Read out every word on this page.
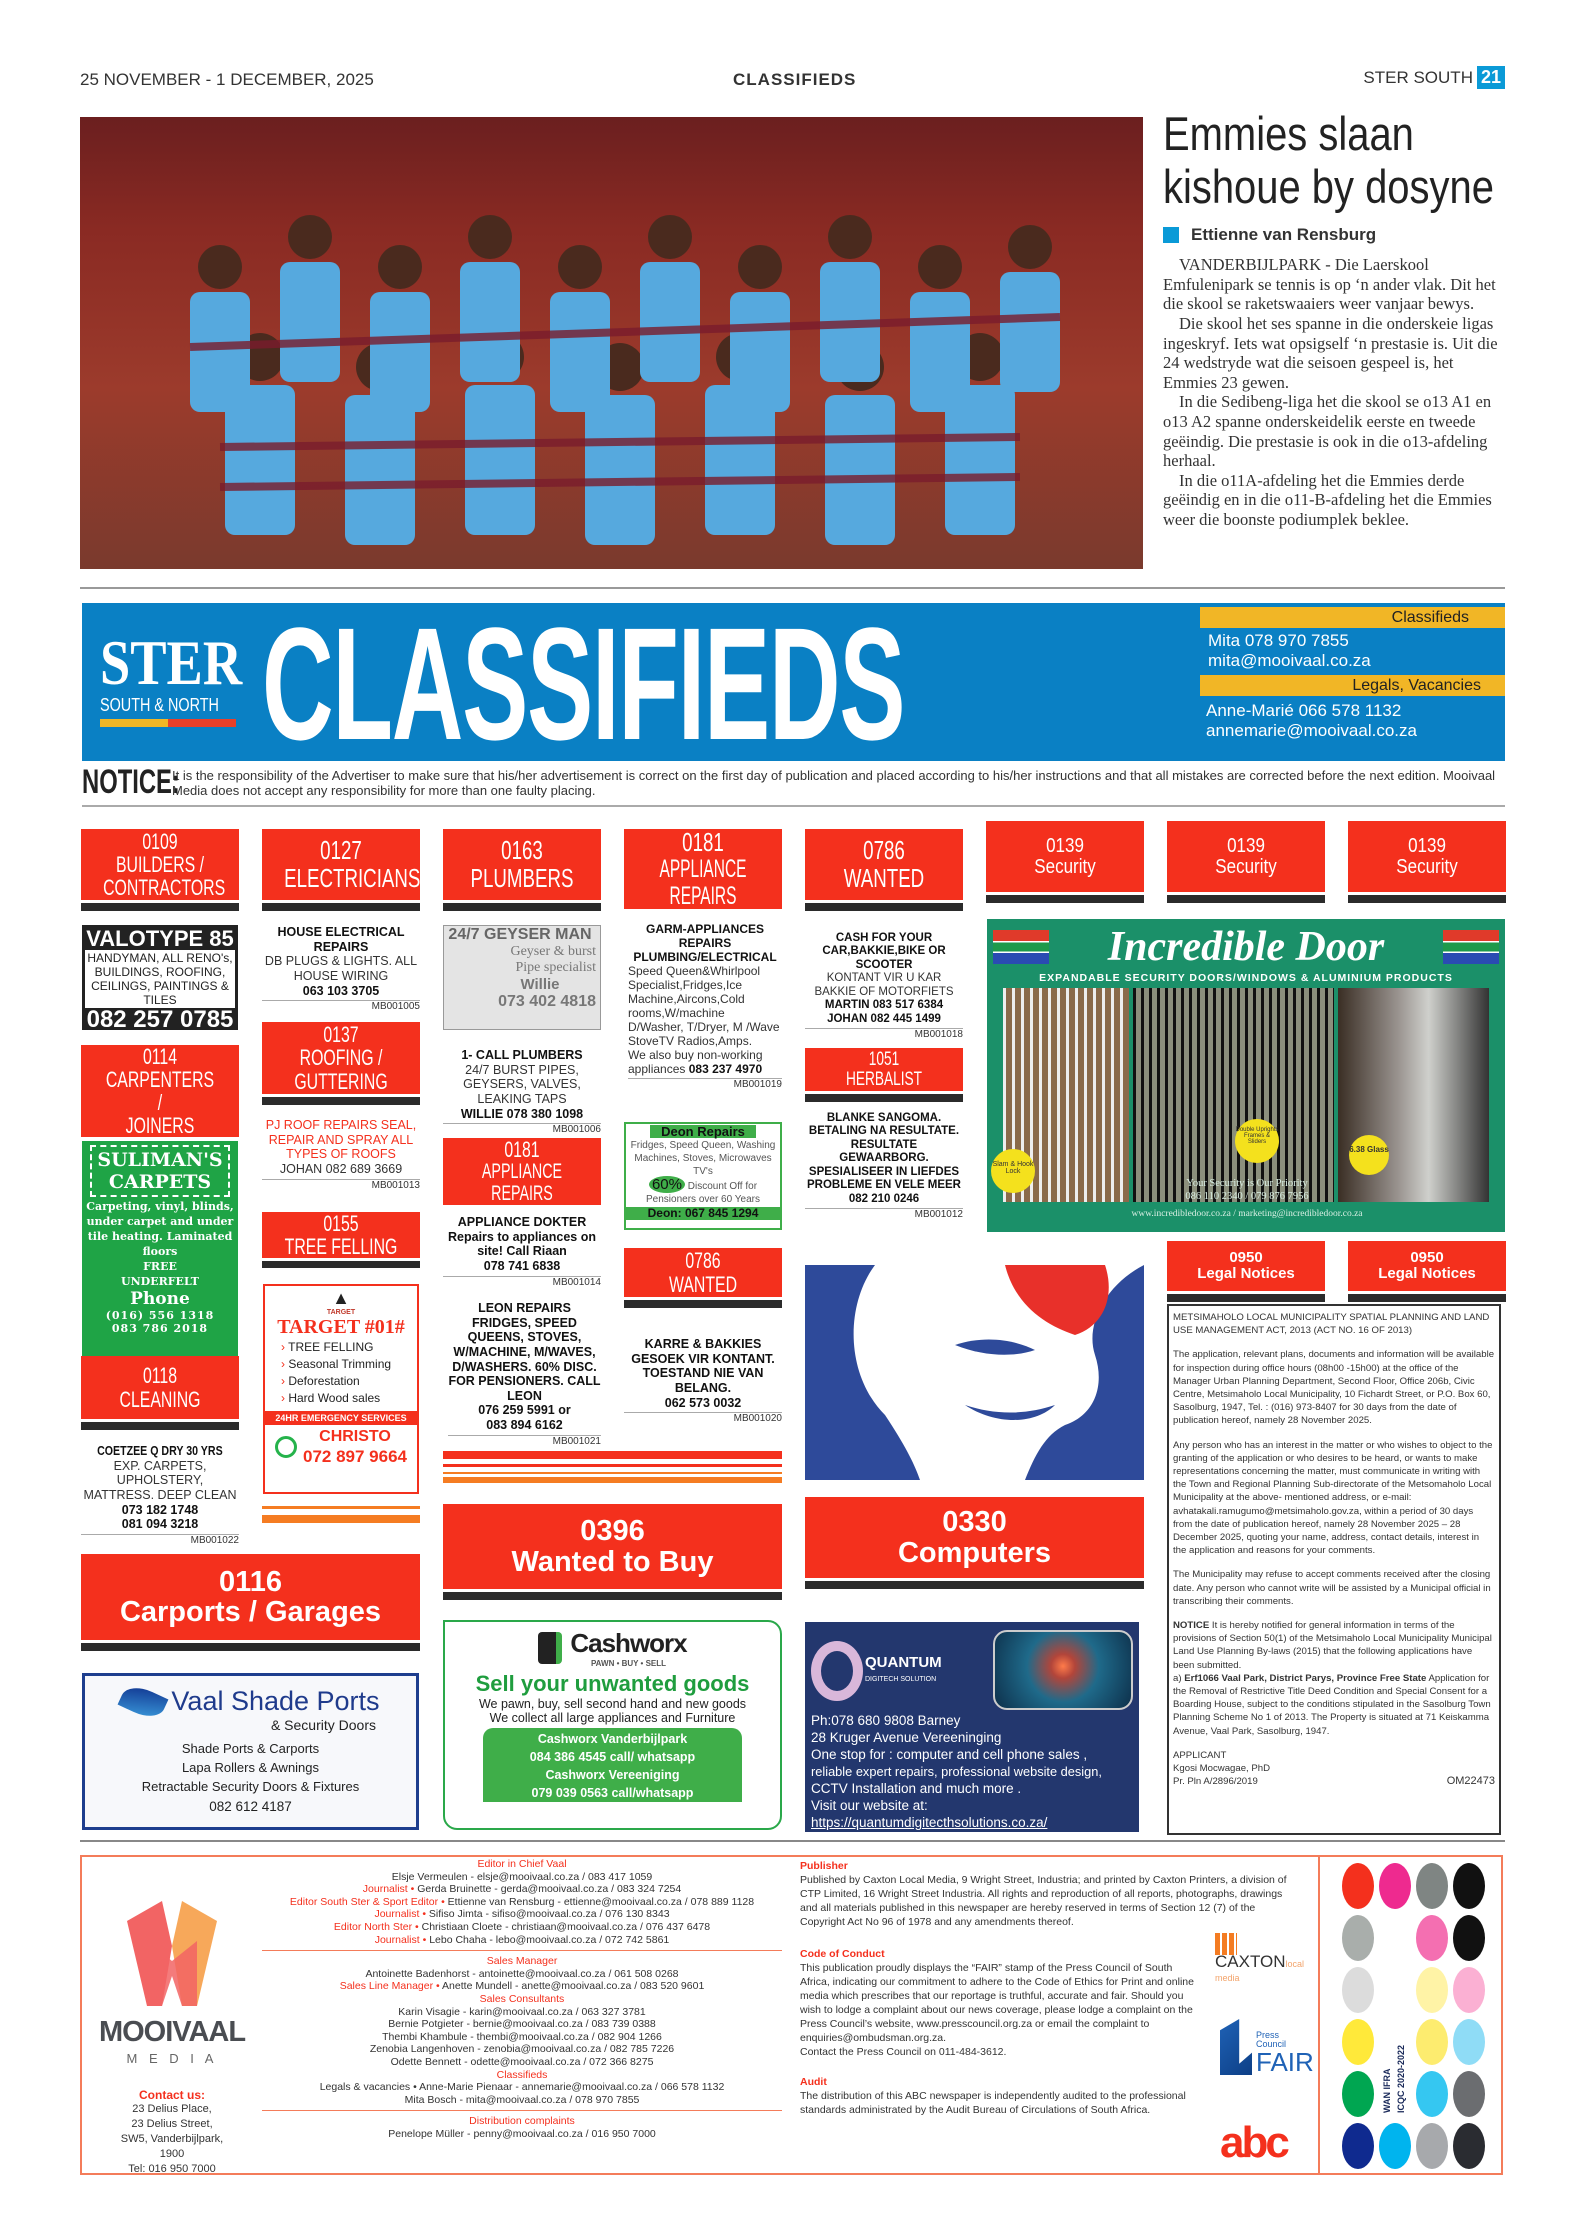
25 NOVEMBER - 1 DECEMBER, 2025	CLASSIFIEDS	STER SOUTH 21
Emmies slaan
kishoue by dosyne
Ettienne van Rensburg

VANDERBIJLPARK - Die Laerskool Emfulenipark se tennis is op ‘n ander vlak. Dit het die skool se raketswaaiers weer vanjaar bewys.

Die skool het ses spanne in die onderskeie ligas ingeskryf. Iets wat opsigself ‘n prestasie is. Uit die 24 wedstryde wat die seisoen gespeel is, het Emmies 23 gewen.

In die Sedibeng-liga het die skool se o13 A1 en o13 A2 spanne onderskeidelik eerste en tweede geëindig. Die prestasie is ook in die o13-afdeling herhaal.

In die o11A-afdeling het die Emmies derde geëindig en in die o11-B-afdeling het die Emmies weer die boonste podiumplek beklee.

STER
SOUTH & NORTH CLASSIFIEDS	Classifieds
Mita 078 970 7855
mita@mooivaal.co.za
Legals, Vacancies
Anne-Marié 066 578 1132
annemarie@mooivaal.co.za
NOTICE:
It is the responsibility of the Advertiser to make sure that his/her advertisement is correct on the first day of publication and placed according to his/her instructions and that all mistakes are corrected before the next edition. Mooivaal Media does not accept any responsibility for more than one faulty placing.
0109
BUILDERS /
CONTRACTORS
0127
ELECTRICIANS
0163
PLUMBERS
0181
APPLIANCE REPAIRS
0786
WANTED
0139
Security
0139
Security
0139
Security
VALOTYPE 85
HANDYMAN, ALL RENO's, BUILDINGS, ROOFING, CEILINGS, PAINTINGS & TILES
082 257 0785
0114
CARPENTERS /
JOINERS
SULIMAN'S
CARPETS
Carpeting, vinyl, blinds, under carpet and under tile heating. Laminated floors
FREE UNDERFELT
Phone
(016) 556 1318
083 786 2018
0118
CLEANING
COETZEE Q DRY 30 YRS
EXP. CARPETS, UPHOLSTERY, MATTRESS. DEEP CLEAN
073 182 1748
081 094 3218
MB001022
HOUSE ELECTRICAL REPAIRS
DB PLUGS & LIGHTS. ALL HOUSE WIRING
063 103 3705
MB001005
0137
ROOFING /
GUTTERING
PJ ROOF REPAIRS SEAL, REPAIR AND SPRAY ALL TYPES OF ROOFS
JOHAN 082 689 3669
MB001013
0155
TREE FELLING
▲
TARGET
TARGET #01#
› TREE FELLING
› Seasonal Trimming
› Deforestation
› Hard Wood sales
24HR EMERGENCY SERVICES
CHRISTO
072 897 9664
24/7 GEYSER MAN
Geyser & burst
Pipe specialist
Willie
073 402 4818
1- CALL PLUMBERS
24/7 BURST PIPES, GEYSERS, VALVES, LEAKING TAPS
WILLIE 078 380 1098
MB001006
0181
APPLIANCE REPAIRS
APPLIANCE DOKTER
Repairs to appliances on site! Call Riaan
078 741 6838
MB001014
LEON REPAIRS FRIDGES, SPEED QUEENS, STOVES, W/MACHINE, M/WAVES, D/WASHERS. 60% DISC. FOR PENSIONERS. CALL LEON
076 259 5991 or
083 894 6162
MB001021
0396
Wanted to Buy
Cashworx
PAWN • BUY • SELL
Sell your unwanted goods
We pawn, buy, sell second hand and new goods
We collect all large appliances and Furniture
Cashworx Vanderbijlpark
084 386 4545 call/ whatsapp
Cashworx Vereeniging
079 039 0563 call/whatsapp
GARM-APPLIANCES REPAIRS PLUMBING/ELECTRICAL
Speed Queen&Whirlpool Specialist,Fridges,Ice Machine,Aircons,Cold rooms,W/machine D/Washer, T/Dryer, M /Wave StoveTV Radios,Amps.
We also buy non-working appliances 083 237 4970
MB001019
Deon Repairs
Fridges, Speed Queen, Washing Machines, Stoves, Microwaves TV's
60% Discount Off for Pensioners over 60 Years
Deon: 067 845 1294
0786
WANTED
KARRE & BAKKIES GESOEK VIR KONTANT. TOESTAND NIE VAN BELANG.
062 573 0032
MB001020
CASH FOR YOUR CAR,BAKKIE,BIKE OR SCOOTER
KONTANT VIR U KAR BAKKIE OF MOTORFIETS
MARTIN 083 517 6384
JOHAN 082 445 1499
MB001018
1051
HERBALIST
BLANKE SANGOMA. BETALING NA RESULTATE. RESULTATE GEWAARBORG. SPESIALISEER IN LIEFDES PROBLEME EN VELE MEER
082 210 0246
MB001012
0330
Computers
QUANTUM
DIGITECH SOLUTION
Ph:078 680 9808 Barney
28 Kruger Avenue Vereeninging
One stop for : computer and cell phone sales ,
reliable expert repairs, professional website design,
CCTV Installation and much more .
Visit our website at:
https://quantumdigitecthsolutions.co.za/
Incredible Door
EXPANDABLE SECURITY DOORS/WINDOWS & ALUMINIUM PRODUCTS
Slam & Hook Lock
Double Uprights Frames & Sliders
6.38 Glass
Your Security is Our Priority
086 110 2340 / 079 876 7956
www.incredibledoor.co.za / marketing@incredibledoor.co.za
0950
Legal Notices
0950
Legal Notices

METSIMAHOLO LOCAL MUNICIPALITY SPATIAL PLANNING AND LAND USE MANAGEMENT ACT, 2013 (ACT NO. 16 OF 2013)

The application, relevant plans, documents and information will be available for inspection during office hours (08h00 -15h00) at the office of the Manager Urban Planning Department, Second Floor, Office 206b, Civic Centre, Metsimaholo Local Municipality, 10 Fichardt Street, or P.O. Box 60, Sasolburg, 1947, Tel. : (016) 973-8407 for 30 days from the date of publication hereof, namely 28 November 2025.

Any person who has an interest in the matter or who wishes to object to the granting of the application or who desires to be heard, or wants to make representations concerning the matter, must communicate in writing with the Town and Regional Planning Sub-directorate of the Metsomaholo Local Municipality at the above- mentioned address, or e-mail: avhatakali.ramugumo@metsimaholo.gov.za, within a period of 30 days from the date of publication hereof, namely 28 November 2025 – 28 December 2025, quoting your name, address, contact details, interest in the application and reasons for your comments.

The Municipality may refuse to accept comments received after the closing date. Any person who cannot write will be assisted by a Municipal official in transcribing their comments.

NOTICE It is hereby notified for general information in terms of the provisions of Section 50(1) of the Metsimaholo Local Municipality Municipal Land Use Planning By-laws (2015) that the following applications have been submitted.

a) Erf1066 Vaal Park, District Parys, Province Free State Application for the Removal of Restrictive Title Deed Condition and Special Consent for a Boarding House, subject to the conditions stipulated in the Sasolburg Town Planning Scheme No 1 of 2013. The Property is situated at 71 Keiskamma Avenue, Vaal Park, Sasolburg, 1947.

APPLICANT
Kgosi Mocwagae, PhD
Pr. Pln A/2896/2019	OM22473
0116
Carports / Garages
Vaal Shade Ports
& Security Doors
Shade Ports & Carports
Lapa Rollers & Awnings
Retractable Security Doors & Fixtures
082 612 4187
MOOIVAAL
M E D I A
Contact us:
23 Delius Place,
23 Delius Street,
SW5, Vanderbijlpark,
1900
Tel: 016 950 7000
Editor in Chief Vaal
Elsje Vermeulen - elsje@mooivaal.co.za / 083 417 1059
Journalist • Gerda Bruinette - gerda@mooivaal.co.za / 083 324 7254
Editor South Ster & Sport Editor • Ettienne van Rensburg - ettienne@mooivaal.co.za / 078 889 1128
Journalist • Sifiso Jimta - sifiso@mooivaal.co.za / 076 130 8343
Editor North Ster • Christiaan Cloete - christiaan@mooivaal.co.za / 076 437 6478
Journalist • Lebo Chaha - lebo@mooivaal.co.za / 072 742 5861
Sales Manager
Antoinette Badenhorst - antoinette@mooivaal.co.za / 061 508 0268
Sales Line Manager • Anette Mundell - anette@mooivaal.co.za / 083 520 9601
Sales Consultants
Karin Visagie - karin@mooivaal.co.za / 063 327 3781
Bernie Potgieter - bernie@mooivaal.co.za / 083 739 0388
Thembi Khambule - thembi@mooivaal.co.za / 082 904 1266
Zenobia Langenhoven - zenobia@mooivaal.co.za / 082 785 7226
Odette Bennett - odette@mooivaal.co.za / 072 366 8275
Classifieds
Legals & vacancies • Anne-Marie Pienaar - annemarie@mooivaal.co.za / 066 578 1132
Mita Bosch - mita@mooivaal.co.za / 078 970 7855
Distribution complaints
Penelope Müller - penny@mooivaal.co.za / 016 950 7000
Publisher
Published by Caxton Local Media, 9 Wright Street, Industria; and printed by Caxton Printers, a division of CTP Limited, 16 Wright Street Industria. All rights and reproduction of all reports, photographs, drawings and all materials published in this newspaper are hereby reserved in terms of Section 12 (7) of the Copyright Act No 96 of 1978 and any amendments thereof.
CAXTONlocal media
Code of Conduct
This publication proudly displays the “FAIR” stamp of the Press Council of South Africa, indicating our commitment to adhere to the Code of Ethics for Print and online media which prescribes that our reportage is truthful, accurate and fair. Should you wish to lodge a complaint about our news coverage, please lodge a complaint on the Press Council’s website, www.presscouncil.org.za or email the complaint to enquiries@ombudsman.org.za.
Contact the Press Council on 011-484-3612.
Press Council
FAIR
Audit
The distribution of this ABC newspaper is independently audited to the professional standards administrated by the Audit Bureau of Circulations of South Africa.
abc
WAN IFRA ICQC 2020-2022
